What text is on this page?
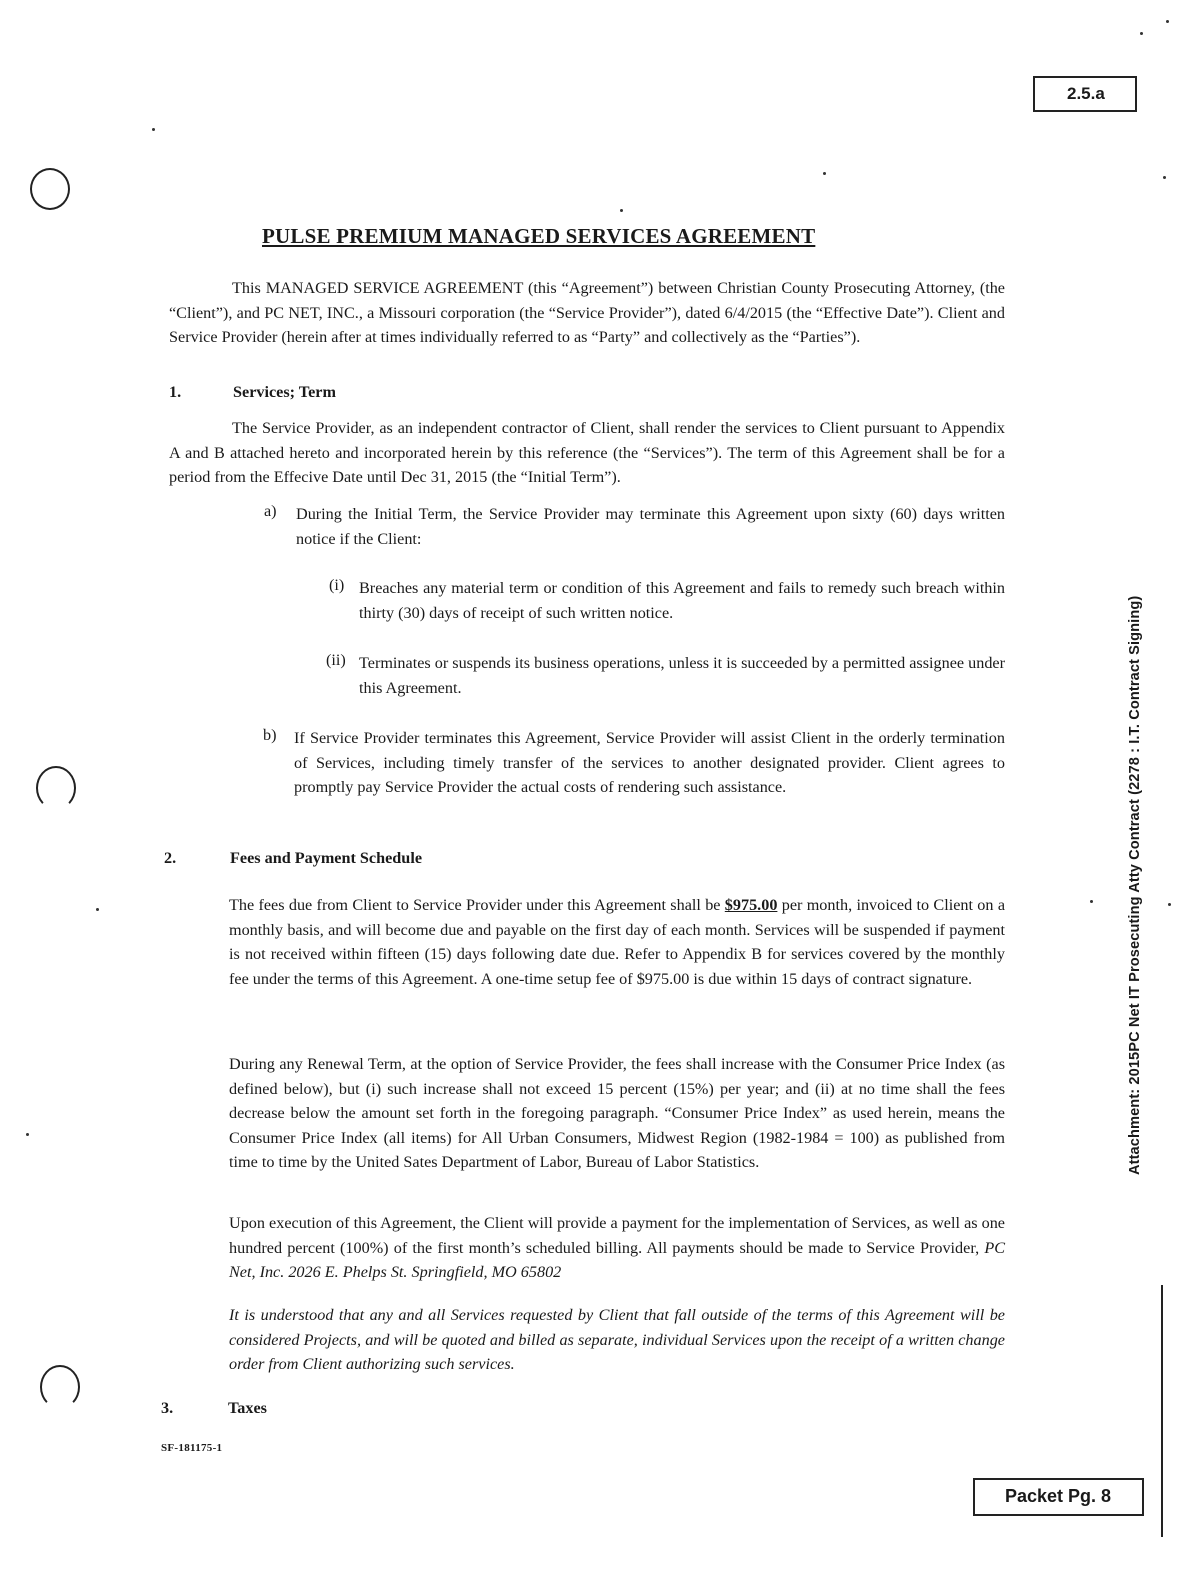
2.5.a
Packet Pg. 8
Attachment: 2015PC Net IT Prosecuting Atty Contract (2278 : I.T. Contract Signing)
PULSE PREMIUM MANAGED SERVICES AGREEMENT

This MANAGED SERVICE AGREEMENT (this “Agreement”) between Christian County Prosecuting Attorney, (the “Client”), and PC NET, INC., a Missouri corporation (the “Service Provider”), dated 6/4/2015 (the “Effective Date”). Client and Service Provider (herein after at times individually referred to as “Party” and collectively as the “Parties”).

1.	Services; Term

The Service Provider, as an independent contractor of Client, shall render the services to Client pursuant to Appendix A and B attached hereto and incorporated herein by this reference (the “Services”). The term of this Agreement shall be for a period from the Effecive Date until Dec 31, 2015 (the “Initial Term”).

a) During the Initial Term, the Service Provider may terminate this Agreement upon sixty (60) days written notice if the Client:

(i) Breaches any material term or condition of this Agreement and fails to remedy such breach within thirty (30) days of receipt of such written notice.

(ii) Terminates or suspends its business operations, unless it is succeeded by a permitted assignee under this Agreement.

b) If Service Provider terminates this Agreement, Service Provider will assist Client in the orderly termination of Services, including timely transfer of the services to another designated provider. Client agrees to promptly pay Service Provider the actual costs of rendering such assistance.

2.	Fees and Payment Schedule

The fees due from Client to Service Provider under this Agreement shall be $975.00 per month, invoiced to Client on a monthly basis, and will become due and payable on the first day of each month. Services will be suspended if payment is not received within fifteen (15) days following date due. Refer to Appendix B for services covered by the monthly fee under the terms of this Agreement. A one-time setup fee of $975.00 is due within 15 days of contract signature.

During any Renewal Term, at the option of Service Provider, the fees shall increase with the Consumer Price Index (as defined below), but (i) such increase shall not exceed 15 percent (15%) per year; and (ii) at no time shall the fees decrease below the amount set forth in the foregoing paragraph. “Consumer Price Index” as used herein, means the Consumer Price Index (all items) for All Urban Consumers, Midwest Region (1982-1984 = 100) as published from time to time by the United Sates Department of Labor, Bureau of Labor Statistics.

Upon execution of this Agreement, the Client will provide a payment for the implementation of Services, as well as one hundred percent (100%) of the first month’s scheduled billing. All payments should be made to Service Provider, PC Net, Inc. 2026 E. Phelps St. Springfield, MO 65802

It is understood that any and all Services requested by Client that fall outside of the terms of this Agreement will be considered Projects, and will be quoted and billed as separate, individual Services upon the receipt of a written change order from Client authorizing such services.

3.	Taxes
SF-181175-1
